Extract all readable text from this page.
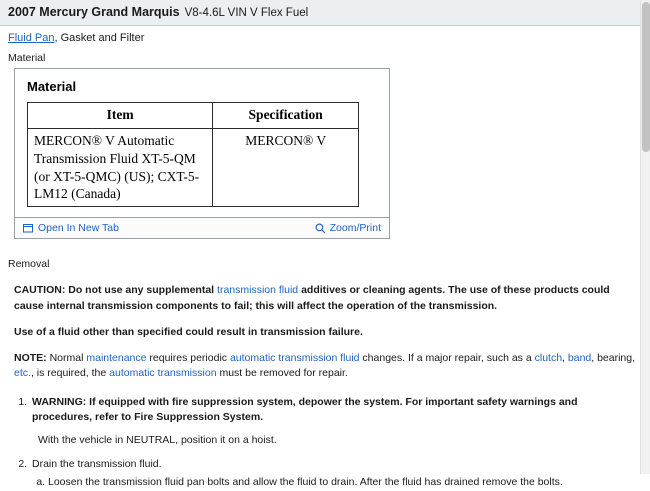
2007 Mercury Grand Marquis V8-4.6L VIN V Flex Fuel
Fluid Pan, Gasket and Filter
Material
Material
Item	Specification
MERCON® V Automatic Transmission Fluid XT-5-QM (or XT-5-QMC) (US); CXT-5-LM12 (Canada)	MERCON® V
Open In New Tab	Zoom/Print
Removal
CAUTION: Do not use any supplemental transmission fluid additives or cleaning agents. The use of these products could cause internal transmission components to fail; this will affect the operation of the transmission.
Use of a fluid other than specified could result in transmission failure.
NOTE: Normal maintenance requires periodic automatic transmission fluid changes. If a major repair, such as a clutch, band, bearing, etc., is required, the automatic transmission must be removed for repair.
1. WARNING: If equipped with fire suppression system, depower the system. For important safety warnings and procedures, refer to Fire Suppression System.
With the vehicle in NEUTRAL, position it on a hoist.
2. Drain the transmission fluid.
a. Loosen the transmission fluid pan bolts and allow the fluid to drain. After the fluid has drained remove the bolts.
